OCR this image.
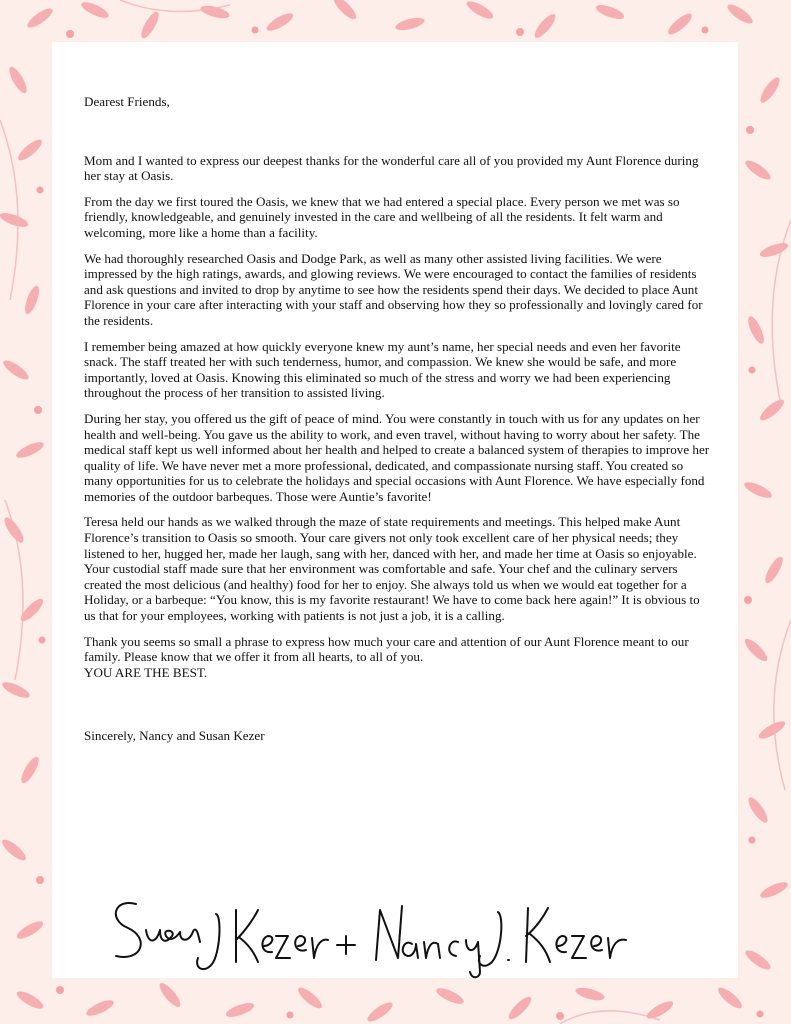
Dearest Friends,

Mom and I wanted to express our deepest thanks for the wonderful care all of you provided my Aunt Florence during her stay at Oasis.

From the day we first toured the Oasis, we knew that we had entered a special place. Every person we met was so friendly, knowledgeable, and genuinely invested in the care and wellbeing of all the residents. It felt warm and welcoming, more like a home than a facility.

We had thoroughly researched Oasis and Dodge Park, as well as many other assisted living facilities. We were impressed by the high ratings, awards, and glowing reviews. We were encouraged to contact the families of residents and ask questions and invited to drop by anytime to see how the residents spend their days. We decided to place Aunt Florence in your care after interacting with your staff and observing how they so professionally and lovingly cared for the residents.

I remember being amazed at how quickly everyone knew my aunt’s name, her special needs and even her favorite snack. The staff treated her with such tenderness, humor, and compassion. We knew she would be safe, and more importantly, loved at Oasis. Knowing this eliminated so much of the stress and worry we had been experiencing throughout the process of her transition to assisted living.

During her stay, you offered us the gift of peace of mind. You were constantly in touch with us for any updates on her health and well-being. You gave us the ability to work, and even travel, without having to worry about her safety. The medical staff kept us well informed about her health and helped to create a balanced system of therapies to improve her quality of life. We have never met a more professional, dedicated, and compassionate nursing staff. You created so many opportunities for us to celebrate the holidays and special occasions with Aunt Florence. We have especially fond memories of the outdoor barbeques. Those were Auntie’s favorite!

Teresa held our hands as we walked through the maze of state requirements and meetings. This helped make Aunt Florence’s transition to Oasis so smooth. Your care givers not only took excellent care of her physical needs; they listened to her, hugged her, made her laugh, sang with her, danced with her, and made her time at Oasis so enjoyable. Your custodial staff made sure that her environment was comfortable and safe. Your chef and the culinary servers created the most delicious (and healthy) food for her to enjoy. She always told us when we would eat together for a Holiday, or a barbeque: “You know, this is my favorite restaurant! We have to come back here again!” It is obvious to us that for your employees, working with patients is not just a job, it is a calling.

Thank you seems so small a phrase to express how much your care and attention of our Aunt Florence meant to our family. Please know that we offer it from all hearts, to all of you.
YOU ARE THE BEST.

Sincerely, Nancy and Susan Kezer
